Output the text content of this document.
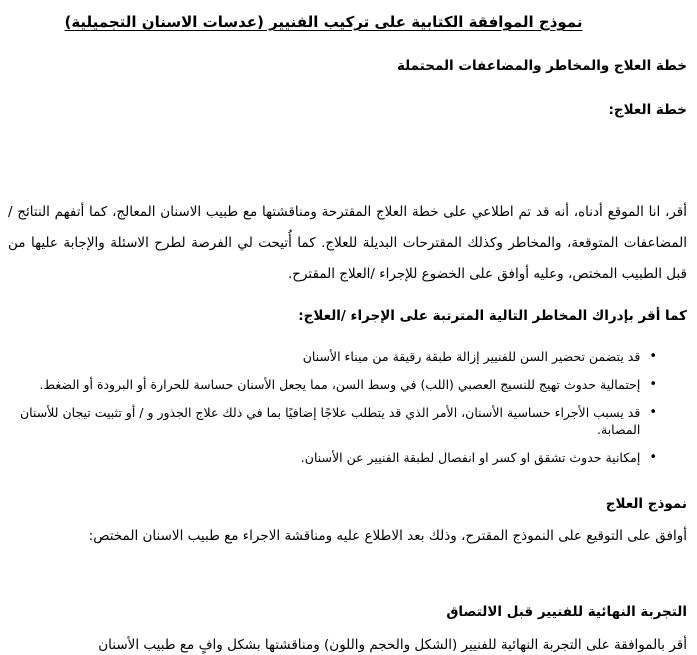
نموذج الموافقة الكتابية على تركيب الفنيير (عدسات الاسنان التجميلية)
خطة العلاج والمخاطر والمضاعفات المحتملة
خطة العلاج:

أقر، انا الموقع أدناه، أنه قد تم اطلاعي على خطة العلاج المقترحة ومناقشتها مع طبيب الاسنان المعالج، كما أتفهم النتائج / المضاعفات المتوقعة، والمخاطر وكذلك المقترحات البديلة للعلاج. كما أُتيحت لي الفرصة لطرح الاسئلة والإجابة عليها من قبل الطبيب المختص، وعليه أوافق على الخضوع للإجراء /العلاج المقترح.

كما أقر بإدراك المخاطر التالية المترتبة على الإجراء /العلاج:

•
قد يتضمن تحضير السن للفنيير إزالة طبقة رقيقة من ميناء الأسنان
•
إحتمالية حدوث تهيج للنسيج العصبي (اللب) في وسط السن، مما يجعل الأسنان حساسة للحرارة أو البرودة أو الضغط.
•
قد يسبب الأجراء حساسية الأسنان، الأمر الذي قد يتطلب علاجًا إضافيًا بما في ذلك علاج الجذور و / أو تثبيت تيجان للأسنان المصابة.
•
إمكانية حدوث تشقق او كسر او انفصال لطبقة الفنيير عن الأسنان.
نموذج العلاج
أوافق على التوقيع على النموذج المقترح، وذلك بعد الاطلاع عليه ومناقشة الاجراء مع طبيب الاسنان المختص:
التجربة النهائية للفنيير قبل الالتصاق
أقر بالموافقة على التجربة النهائية للفنيير (الشكل والحجم واللون) ومناقشتها بشكل وافٍ مع طبيب الأسنان
